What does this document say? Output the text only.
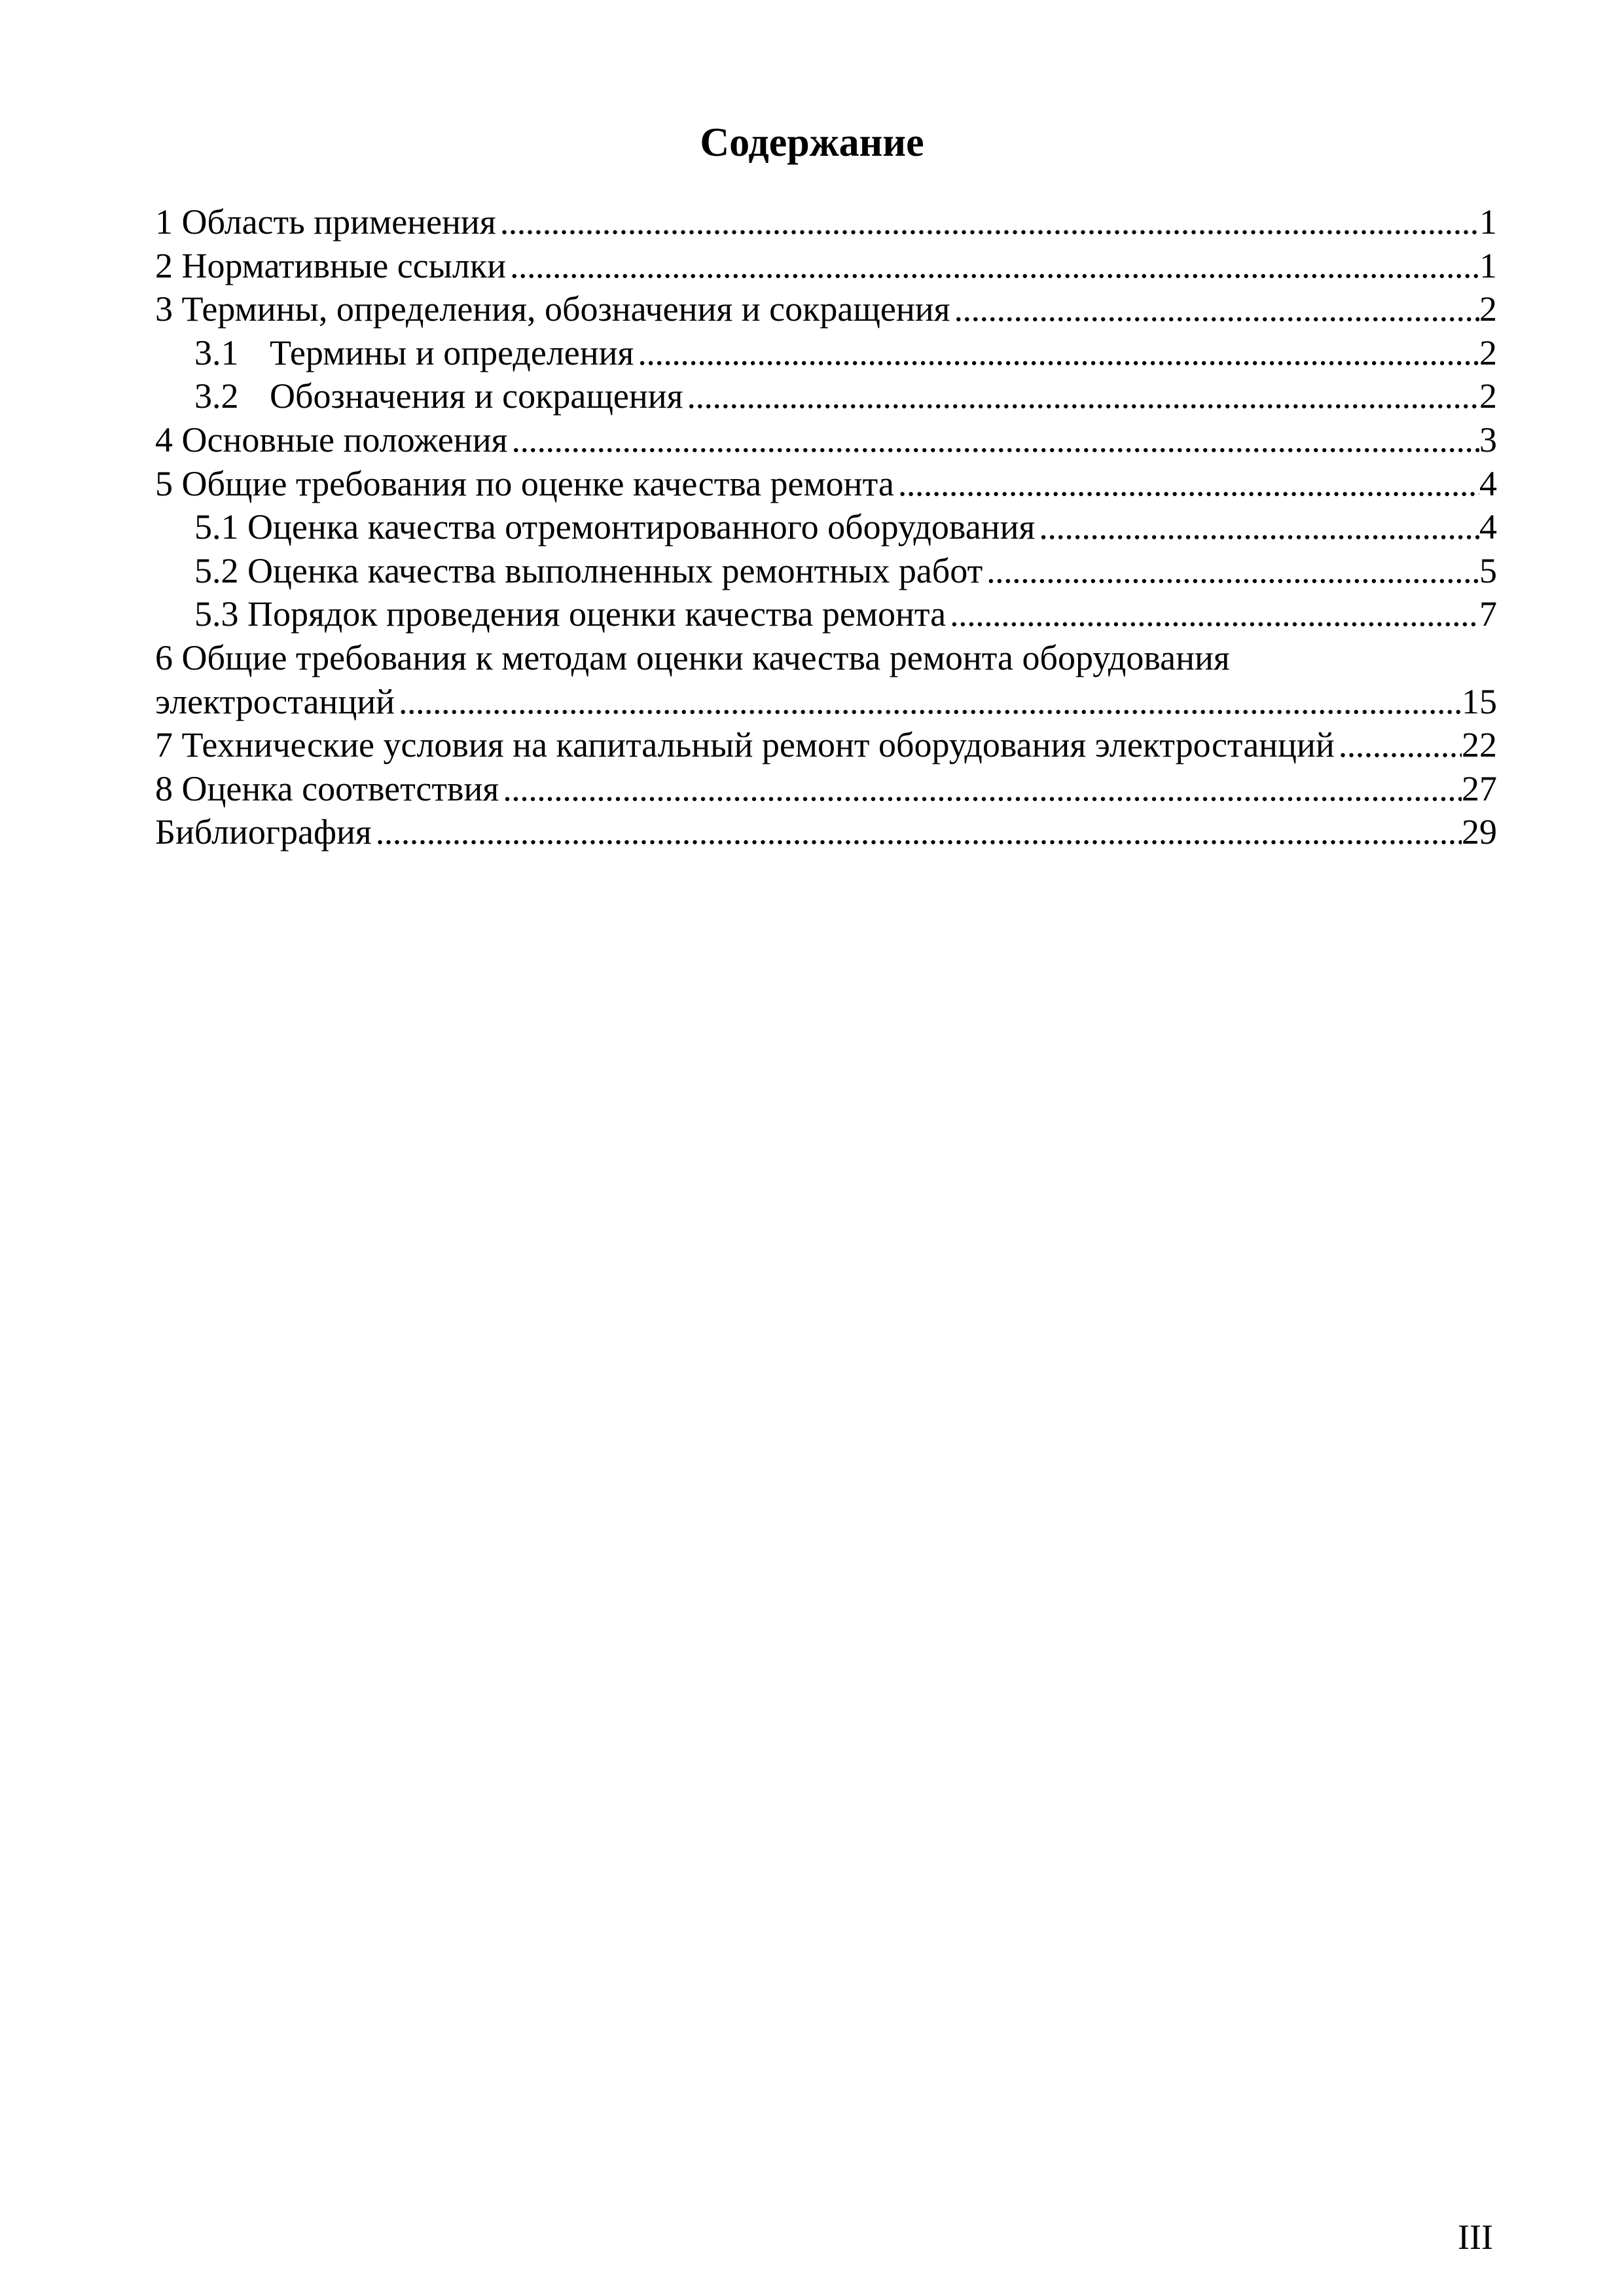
Содержание
1 Область применения . . .	1
2 Нормативные ссылки . . .	1
3 Термины, определения, обозначения и сокращения . . .	2
3.1 Термины и определения . . .	2
3.2 Обозначения и сокращения . . .	2
4 Основные положения . . .	3
5 Общие требования по оценке качества ремонта . . .	4
5.1 Оценка качества отремонтированного оборудования . . .	4
5.2 Оценка качества выполненных ремонтных работ . . .	5
5.3 Порядок проведения оценки качества ремонта . . .	7
6 Общие требования к методам оценки качества ремонта оборудования
электростанций . . .	15
7 Технические условия на капитальный ремонт оборудования электростанций . . .	22
8 Оценка соответствия . . .	27
Библиография . . .	29
III
